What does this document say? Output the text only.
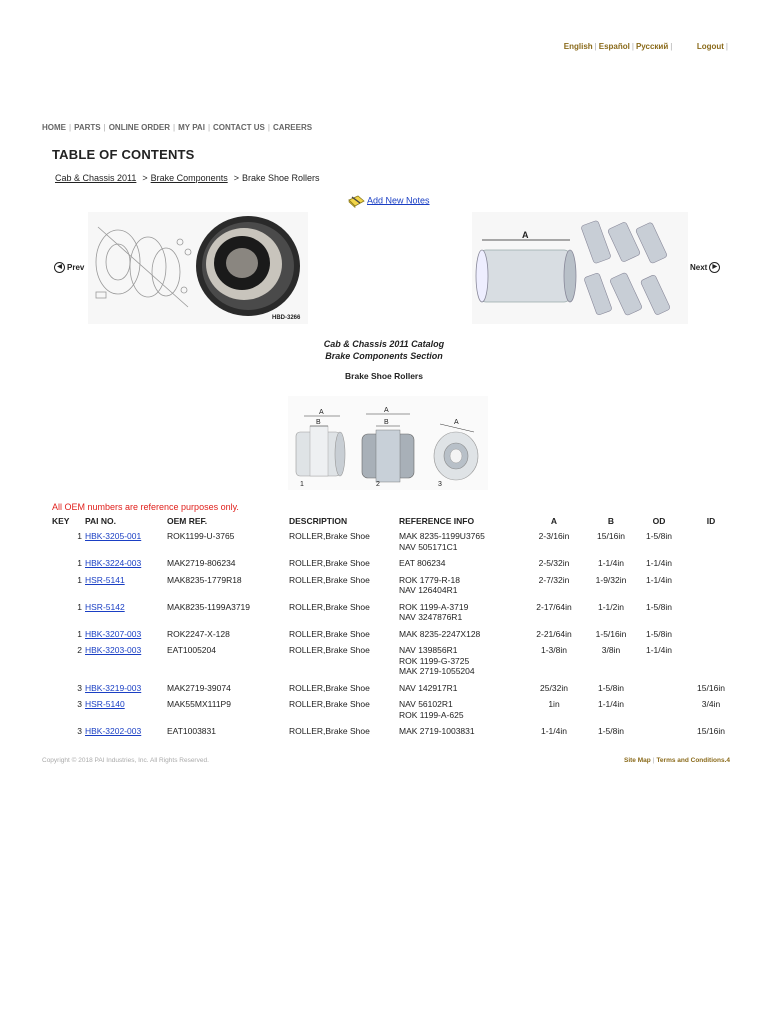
English | Español | Русский |	Logout |
HOME | PARTS | ONLINE ORDER | MY PAI | CONTACT US | CAREERS
TABLE OF CONTENTS
Cab & Chassis 2011 > Brake Components > Brake Shoe Rollers
Add New Notes
◀ Prev	Next ▶
HBD-3266
A
Cab & Chassis 2011 Catalog
Brake Components Section
Brake Shoe Rollers
A
B
1
A
B
2
A
3
All OEM numbers are reference purposes only.
KEY	PAI NO.	OEM REF.	DESCRIPTION	REFERENCE INFO	A	B	OD	ID
1	HBK-3205-001	ROK1199-U-3765	ROLLER,Brake Shoe	MAK 8235-1199U3765
NAV 505171C1	2-3/16in	15/16in	1-5/8in	
1	HBK-3224-003	MAK2719-806234	ROLLER,Brake Shoe	EAT 806234	2-5/32in	1-1/4in	1-1/4in	
1	HSR-5141	MAK8235-1779R18	ROLLER,Brake Shoe	ROK 1779-R-18
NAV 126404R1	2-7/32in	1-9/32in	1-1/4in	
1	HSR-5142	MAK8235-1199A3719	ROLLER,Brake Shoe	ROK 1199-A-3719
NAV 3247876R1	2-17/64in	1-1/2in	1-5/8in	
1	HBK-3207-003	ROK2247-X-128	ROLLER,Brake Shoe	MAK 8235-2247X128	2-21/64in	1-5/16in	1-5/8in	
2	HBK-3203-003	EAT1005204	ROLLER,Brake Shoe	NAV 139856R1
ROK 1199-G-3725
MAK 2719-1055204	1-3/8in	3/8in	1-1/4in	
3	HBK-3219-003	MAK2719-39074	ROLLER,Brake Shoe	NAV 142917R1	25/32in	1-5/8in		15/16in
3	HSR-5140	MAK55MX111P9	ROLLER,Brake Shoe	NAV 56102R1
ROK 1199-A-625	1in	1-1/4in		3/4in
3	HBK-3202-003	EAT1003831	ROLLER,Brake Shoe	MAK 2719-1003831	1-1/4in	1-5/8in		15/16in
Copyright © 2018 PAI Industries, Inc. All Rights Reserved.	Site Map | Terms and Conditions.4
